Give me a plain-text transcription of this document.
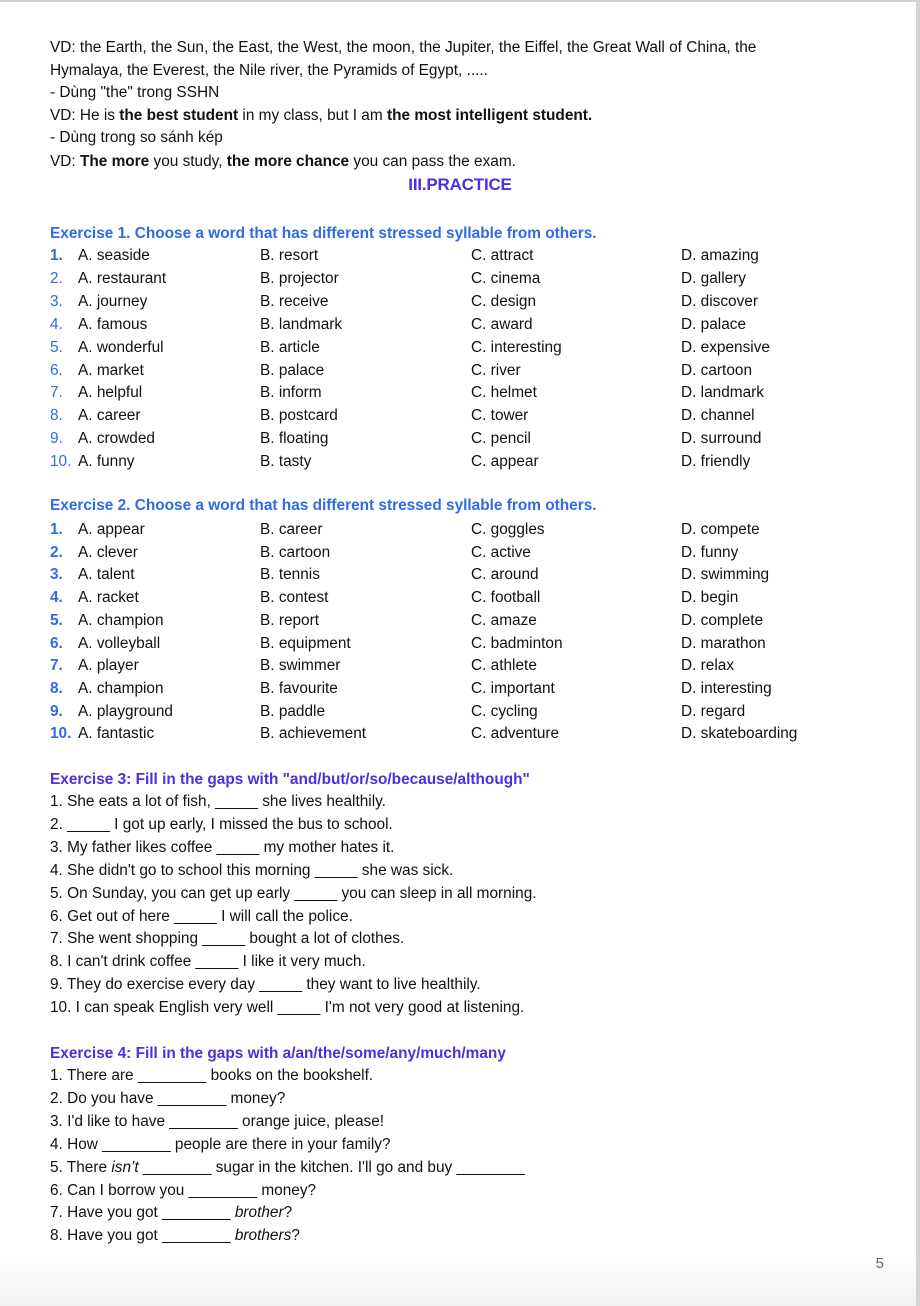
VD: the Earth, the Sun, the East, the West, the moon, the Jupiter, the Eiffel, the Great Wall of China, the
Hymalaya, the Everest, the Nile river, the Pyramids of Egypt, .....
- Dùng "the" trong SSHN
VD: He is the best student in my class, but I am the most intelligent student.
- Dùng trong so sánh kép
VD: The more you study, the more chance you can pass the exam.
III.PRACTICE
Exercise 1. Choose a word that has different stressed syllable from others.
1. A. seaside	B. resort	C. attract	D. amazing
2. A. restaurant	B. projector	C. cinema	D. gallery
3. A. journey	B. receive	C. design	D. discover
4. A. famous	B. landmark	C. award	D. palace
5. A. wonderful	B. article	C. interesting	D. expensive
6. A. market	B. palace	C. river	D. cartoon
7. A. helpful	B. inform	C. helmet	D. landmark
8. A. career	B. postcard	C. tower	D. channel
9. A. crowded	B. floating	C. pencil	D. surround
10. A. funny	B. tasty	C. appear	D. friendly
Exercise 2. Choose a word that has different stressed syllable from others.
1. A. appear	B. career	C. goggles	D. compete
2. A. clever	B. cartoon	C. active	D. funny
3. A. talent	B. tennis	C. around	D. swimming
4. A. racket	B. contest	C. football	D. begin
5. A. champion	B. report	C. amaze	D. complete
6. A. volleyball	B. equipment	C. badminton	D. marathon
7. A. player	B. swimmer	C. athlete	D. relax
8. A. champion	B. favourite	C. important	D. interesting
9. A. playground	B. paddle	C. cycling	D. regard
10. A. fantastic	B. achievement	C. adventure	D. skateboarding
Exercise 3: Fill in the gaps with "and/but/or/so/because/although"
1. She eats a lot of fish, _____ she lives healthily.
2. _____ I got up early, I missed the bus to school.
3. My father likes coffee _____ my mother hates it.
4. She didn't go to school this morning _____ she was sick.
5. On Sunday, you can get up early _____ you can sleep in all morning.
6. Get out of here _____ I will call the police.
7. She went shopping _____ bought a lot of clothes.
8. I can't drink coffee _____ I like it very much.
9. They do exercise every day _____ they want to live healthily.
10. I can speak English very well _____ I'm not very good at listening.
Exercise 4: Fill in the gaps with a/an/the/some/any/much/many
1. There are ________ books on the bookshelf.
2. Do you have ________ money?
3. I'd like to have ________ orange juice, please!
4. How ________ people are there in your family?
5. There isn’t ________ sugar in the kitchen. I'll go and buy ________
6. Can I borrow you ________ money?
7. Have you got ________ brother?
8. Have you got ________ brothers?
5
